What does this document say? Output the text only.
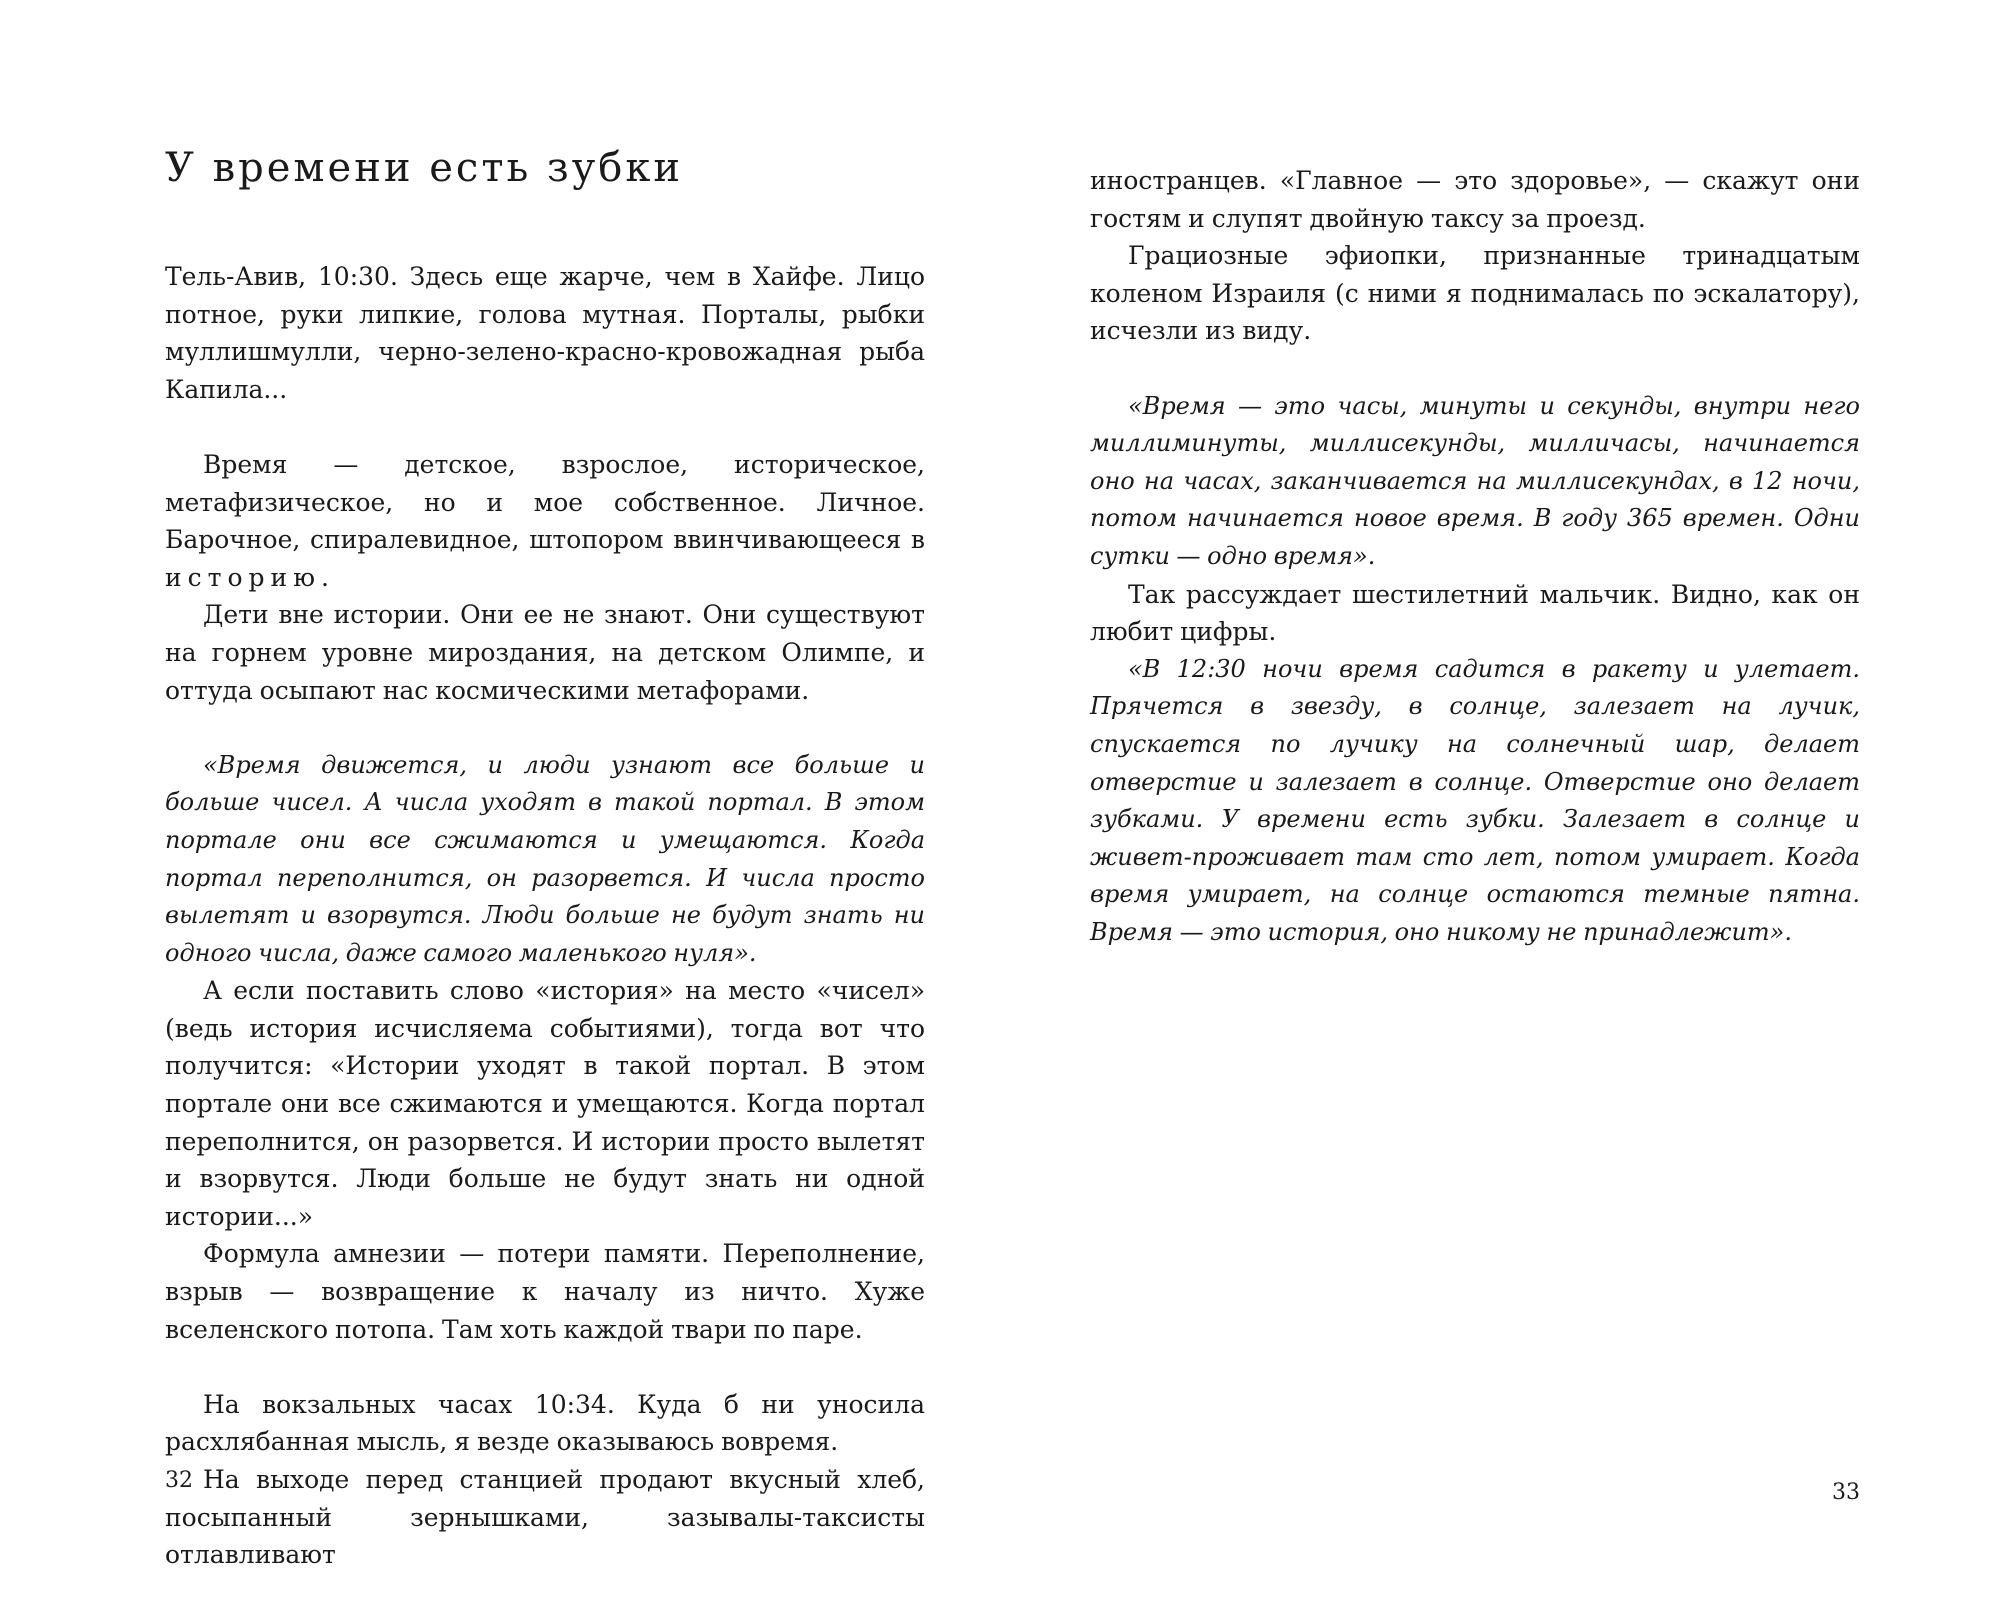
У времени есть зубки

Тель-Авив, 10:30. Здесь еще жарче, чем в Хайфе. Лицо потное, руки липкие, голова мутная. Порталы, рыбки муллишмулли, черно-зелено-красно-кровожадная рыба Капила...

Время — детское, взрослое, историческое, метафизическое, но и мое собственное. Личное. Барочное, спиралевидное, штопором ввинчивающееся в историю.

Дети вне истории. Они ее не знают. Они существуют на горнем уровне мироздания, на детском Олимпе, и оттуда осыпают нас космическими метафорами.

«Время движется, и люди узнают все больше и больше чисел. А числа уходят в такой портал. В этом портале они все сжимаются и умещаются. Когда портал переполнится, он разорвется. И числа просто вылетят и взорвутся. Люди больше не будут знать ни одного числа, даже самого маленького нуля».

А если поставить слово «история» на место «чисел» (ведь история исчисляема событиями), тогда вот что получится: «Истории уходят в такой портал. В этом портале они все сжимаются и умещаются. Когда портал переполнится, он разорвется. И истории просто вылетят и взорвутся. Люди больше не будут знать ни одной истории...»

Формула амнезии — потери памяти. Переполнение, взрыв — возвращение к началу из ничто. Хуже вселенского потопа. Там хоть каждой твари по паре.

На вокзальных часах 10:34. Куда б ни уносила расхлябанная мысль, я везде оказываюсь вовремя.

На выходе перед станцией продают вкусный хлеб, посыпанный зернышками, зазывалы-таксисты отлавливают

32

иностранцев. «Главное — это здоровье», — скажут они гостям и слупят двойную таксу за проезд.

Грациозные эфиопки, признанные тринадцатым коленом Израиля (с ними я поднималась по эскалатору), исчезли из виду.

«Время — это часы, минуты и секунды, внутри него миллиминуты, миллисекунды, милличасы, начинается оно на часах, заканчивается на миллисекундах, в 12 ночи, потом начинается новое время. В году 365 времен. Одни сутки — одно время».

Так рассуждает шестилетний мальчик. Видно, как он любит цифры.

«В 12:30 ночи время садится в ракету и улетает. Прячется в звезду, в солнце, залезает на лучик, спускается по лучику на солнечный шар, делает отверстие и залезает в солнце. Отверстие оно делает зубками. У времени есть зубки. Залезает в солнце и живет-проживает там сто лет, потом умирает. Когда время умирает, на солнце остаются темные пятна. Время — это история, оно никому не принадлежит».

33
